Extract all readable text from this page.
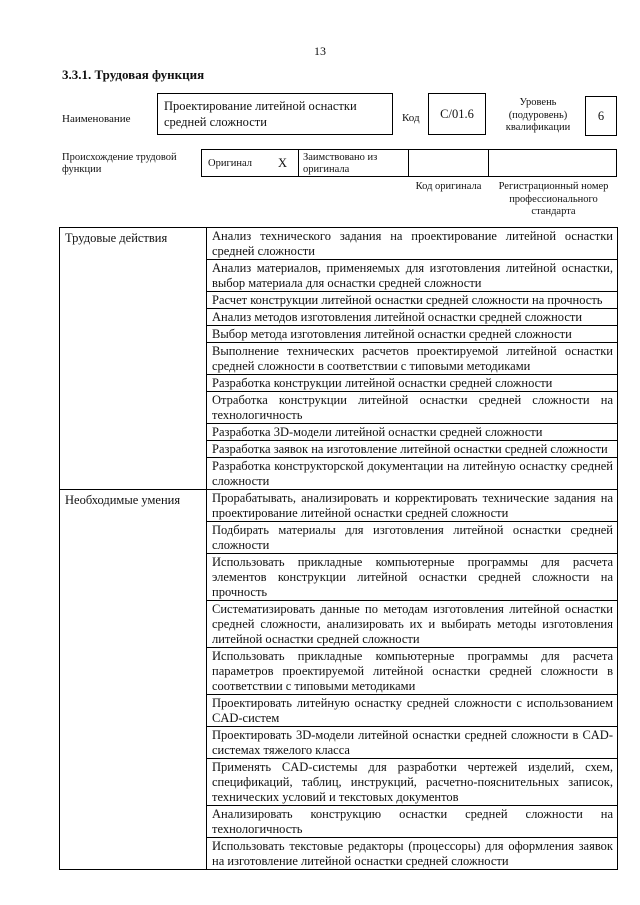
13
3.3.1. Трудовая функция
Наименование
Проектирование литейной оснастки средней сложности	Код	C/01.6
Уровень (подуровень) квалификации
6
Происхождение трудовой функции
Оригинал X	Заимствовано из оригинала
Код оригинала	Регистрационный номер профессионального стандарта
Трудовые действия	Анализ технического задания на проектирование литейной оснастки средней сложности
	Анализ материалов, применяемых для изготовления литейной оснастки, выбор материала для оснастки средней сложности
	Расчет конструкции литейной оснастки средней сложности на прочность
	Анализ методов изготовления литейной оснастки средней сложности
	Выбор метода изготовления литейной оснастки средней сложности
	Выполнение технических расчетов проектируемой литейной оснастки средней сложности в соответствии с типовыми методиками
	Разработка конструкции литейной оснастки средней сложности
	Отработка конструкции литейной оснастки средней сложности на технологичность
	Разработка 3D-модели литейной оснастки средней сложности
	Разработка заявок на изготовление литейной оснастки средней сложности
	Разработка конструкторской документации на литейную оснастку средней сложности
Необходимые умения	Прорабатывать, анализировать и корректировать технические задания на проектирование литейной оснастки средней сложности
	Подбирать материалы для изготовления литейной оснастки средней сложности
	Использовать прикладные компьютерные программы для расчета элементов конструкции литейной оснастки средней сложности на прочность
	Систематизировать данные по методам изготовления литейной оснастки средней сложности, анализировать их и выбирать методы изготовления литейной оснастки средней сложности
	Использовать прикладные компьютерные программы для расчета параметров проектируемой литейной оснастки средней сложности в соответствии с типовыми методиками
	Проектировать литейную оснастку средней сложности с использованием CAD-систем
	Проектировать 3D-модели литейной оснастки средней сложности в CAD-системах тяжелого класса
	Применять CAD-системы для разработки чертежей изделий, схем, спецификаций, таблиц, инструкций, расчетно-пояснительных записок, технических условий и текстовых документов
	Анализировать конструкцию оснастки средней сложности на технологичность
	Использовать текстовые редакторы (процессоры) для оформления заявок на изготовление литейной оснастки средней сложности
